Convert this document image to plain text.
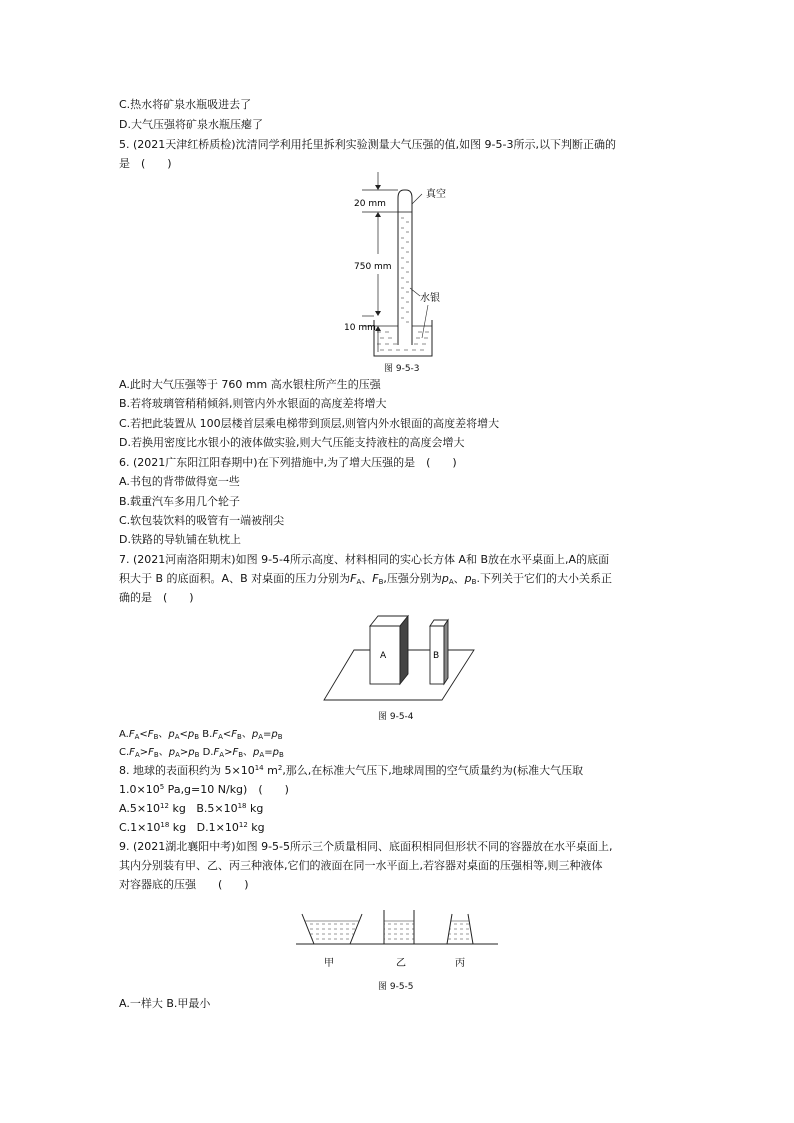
C.热水将矿泉水瓶吸进去了
D.大气压强将矿泉水瓶压瘪了
5. (2021天津红桥质检)沈清同学利用托里拆利实验测量大气压强的值,如图 9-5-3所示,以下判断正确的
是　(　　)
20 mm
750 mm
10 mm
真空
水银
图 9-5-3
A.此时大气压强等于 760 mm 高水银柱所产生的压强
B.若将玻璃管稍稍倾斜,则管内外水银面的高度差将增大
C.若把此装置从 100层楼首层乘电梯带到顶层,则管内外水银面的高度差将增大
D.若换用密度比水银小的液体做实验,则大气压能支持液柱的高度会增大
6. (2021广东阳江阳春期中)在下列措施中,为了增大压强的是　(　　)
A.书包的背带做得宽一些
B.载重汽车多用几个轮子
C.软包装饮料的吸管有一端被削尖
D.铁路的导轨铺在轨枕上
7. (2021河南洛阳期末)如图 9-5-4所示高度、材料相同的实心长方体 A和 B放在水平桌面上,A的底面
积大于 B 的底面积。A、B 对桌面的压力分别为$F_A$、$F_B$,压强分别为$p_A$、$p_B$.下列关于它们的大小关系正
确的是　(　　)
A	B
图 9-5-4
$A.F_A<F_B$、$p_A<p_B$ $B.F_A<F_B$、$p_A=p_B$
$C.F_A>F_B$、$p_A>p_B$ $D.F_A>F_B$、$p_A=p_B$
8. 地球的表面积约为 $5\times 10^{14}$ $m^2$,那么,在标准大气压下,地球周围的空气质量约为(标准大气压取
$1.0\times 10^5$ Pa,g=10 N/kg)　(　　)
$A.5\times 10^{12}$ kg $B.5\times 10^{18}$ kg
$C.1\times 10^{18}$ kg $D.1\times 10^{12}$ kg
9. (2021湖北襄阳中考)如图 9-5-5所示三个质量相同、底面积相同但形状不同的容器放在水平桌面上,
其内分别装有甲、乙、丙三种液体,它们的液面在同一水平面上,若容器对桌面的压强相等,则三种液体
对容器底的压强　　(　　)
甲	乙	丙
图 9-5-5
A.一样大 B.甲最小
